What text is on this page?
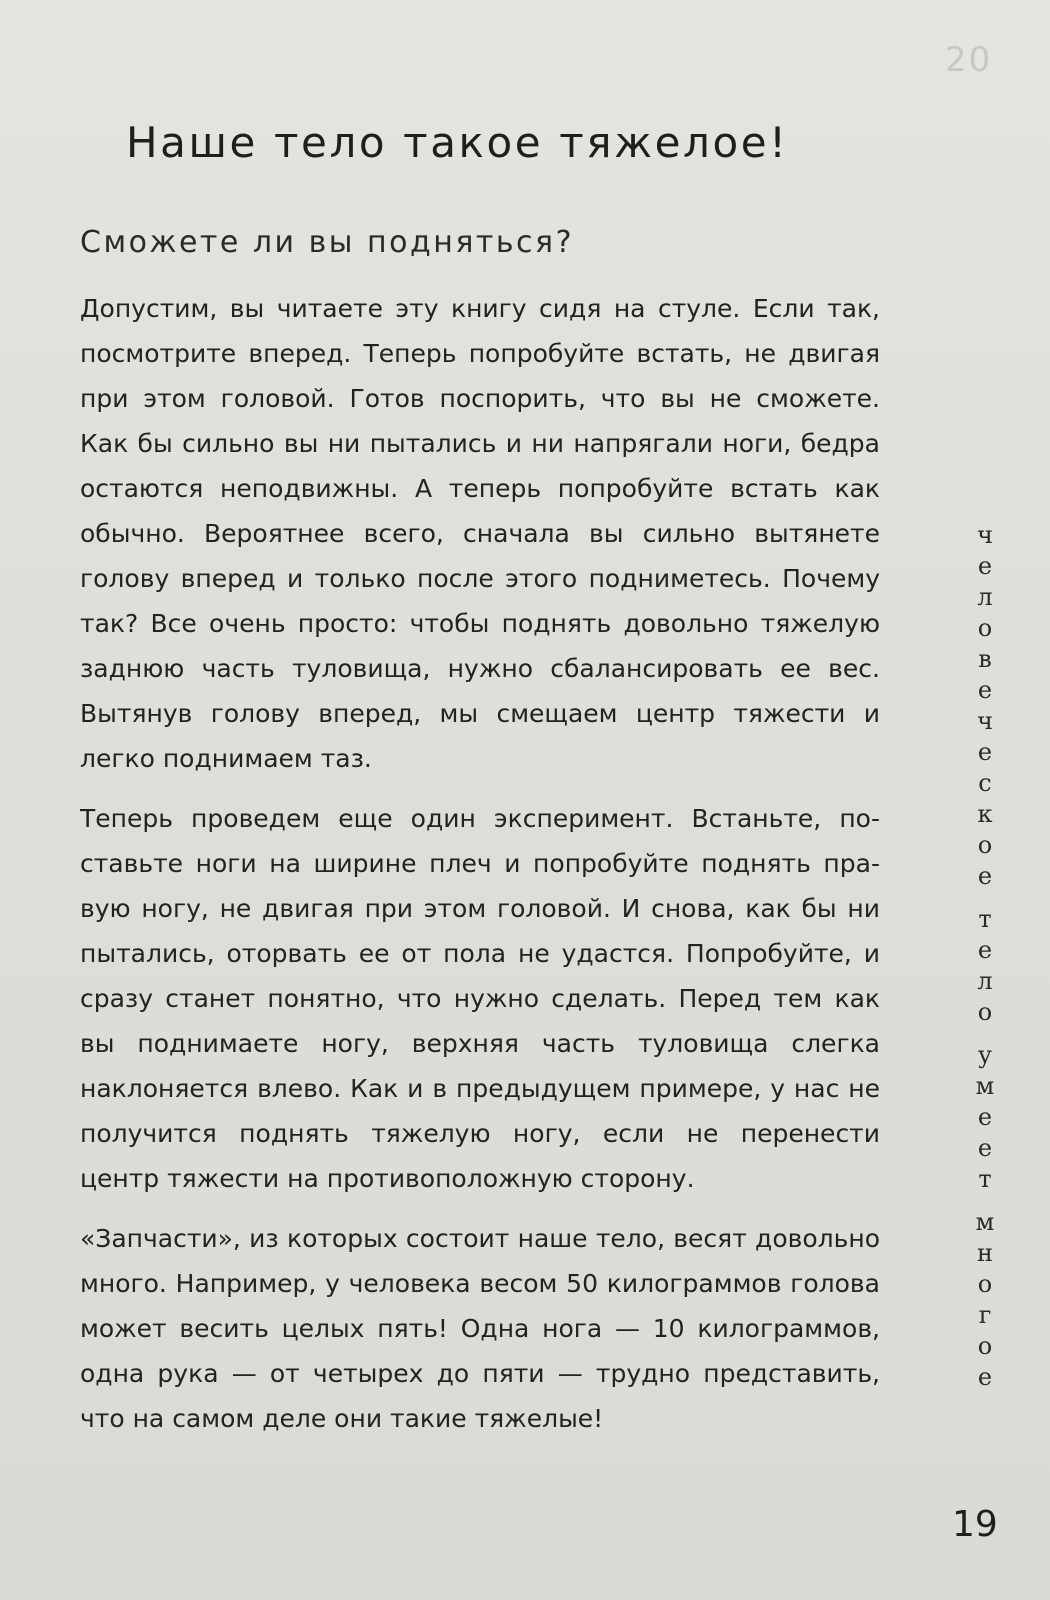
20
Наше тело такое тяжелое!
Сможете ли вы подняться?

Допустим, вы читаете эту книгу сидя на стуле. Если так, посмотрите вперед. Теперь попробуйте встать, не двигая при этом головой. Готов поспорить, что вы не сможете. Как бы сильно вы ни пытались и ни напрягали ноги, бедра остаются неподвижны. А теперь попробуйте встать как обычно. Вероятнее всего, сначала вы сильно вытянете голову вперед и только после этого подниметесь. Почему так? Все очень просто: чтобы поднять довольно тяжелую заднюю часть туловища, нужно сбалансировать ее вес. Вытянув голову вперед, мы смещаем центр тяжести и легко поднимаем таз.

Теперь проведем еще один эксперимент. Встаньте, поставьте ноги на ширине плеч и попробуйте поднять правую ногу, не двигая при этом головой. И снова, как бы ни пытались, оторвать ее от пола не удастся. Попробуйте, и сразу станет понятно, что нужно сделать. Перед тем как вы поднимаете ногу, верхняя часть туловища слегка наклоняется влево. Как и в предыдущем примере, у нас не получится поднять тяжелую ногу, если не перенести центр тяжести на противоположную сторону.

«Запчасти», из которых состоит наше тело, весят довольно много. Например, у человека весом 50 килограммов голова может весить целых пять! Одна нога — 10 килограммов, одна рука — от четырех до пяти — трудно представить, что на самом деле они такие тяжелые!

ч
е
л
о
в
е
ч
е
с
к
о
е
т
е
л
о
у
м
е
е
т
м
н
о
г
о
е
19
